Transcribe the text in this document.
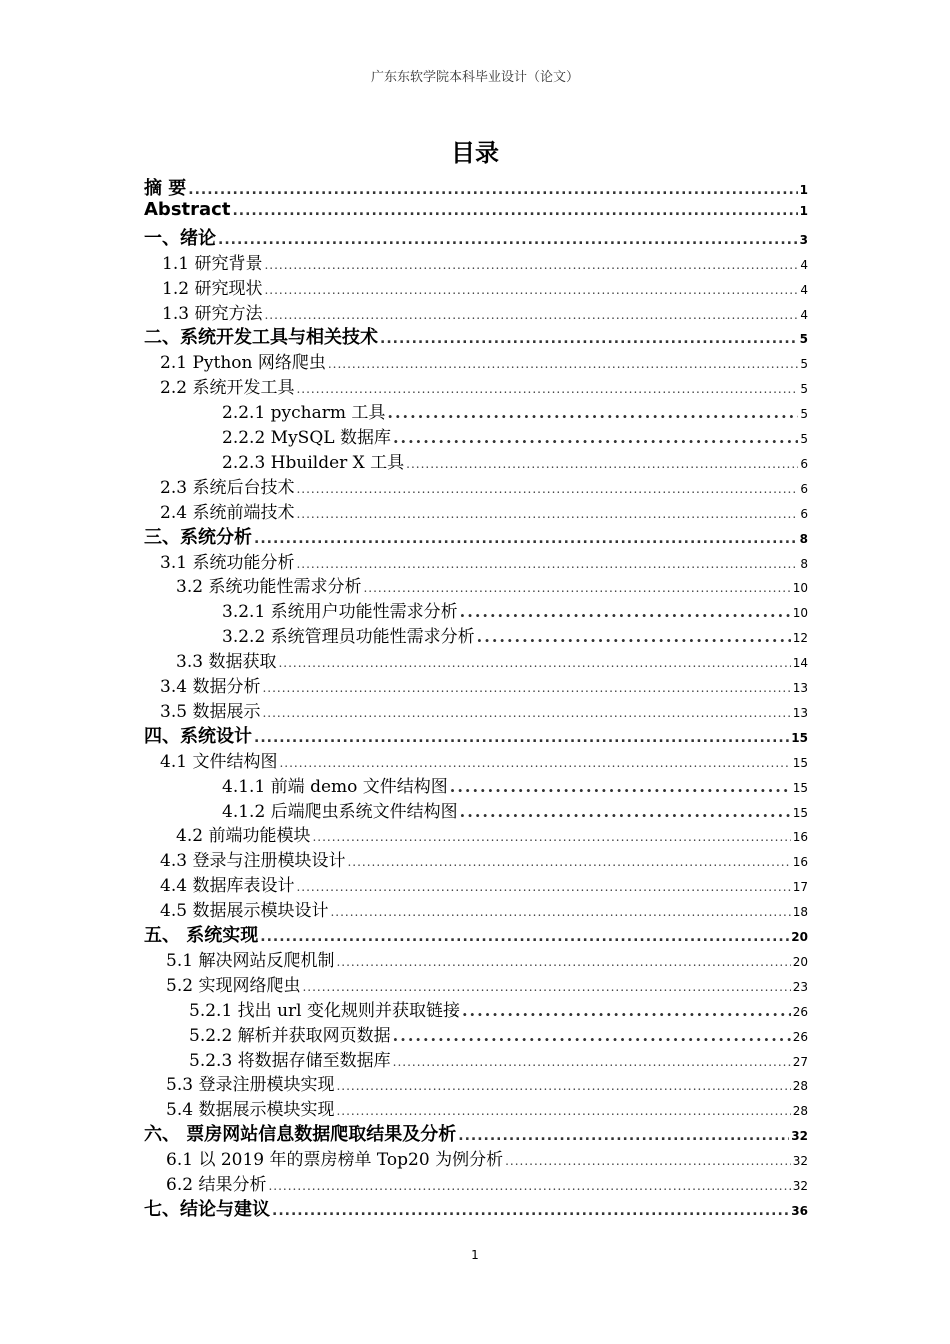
广东东软学院本科毕业设计（论文）
目录
摘 要 .....	1
Abstract .....	1
一、绪论 .....	3
1.1 研究背景 .....	4
1.2 研究现状 .....	4
1.3 研究方法 .....	4
二、系统开发工具与相关技术 .....	5
2.1 Python 网络爬虫 .....	5
2.2 系统开发工具 .....	5
2.2.1 pycharm 工具 .....	5
2.2.2 MySQL 数据库 .....	5
2.2.3 Hbuilder X 工具 .....	6
2.3 系统后台技术 .....	6
2.4 系统前端技术 .....	6
三、系统分析 .....	8
3.1 系统功能分析 .....	8
3.2 系统功能性需求分析 .....	10
3.2.1 系统用户功能性需求分析 .....	10
3.2.2 系统管理员功能性需求分析 .....	12
3.3 数据获取 .....	14
3.4 数据分析 .....	13
3.5 数据展示 .....	13
四、系统设计 .....	15
4.1 文件结构图 .....	15
4.1.1 前端 demo 文件结构图 .....	15
4.1.2 后端爬虫系统文件结构图 .....	15
4.2 前端功能模块 .....	16
4.3 登录与注册模块设计 .....	16
4.4 数据库表设计 .....	17
4.5 数据展示模块设计 .....	18
五、 系统实现 .....	20
5.1 解决网站反爬机制 .....	20
5.2 实现网络爬虫 .....	23
5.2.1 找出 url 变化规则并获取链接 .....	26
5.2.2 解析并获取网页数据 .....	26
5.2.3 将数据存储至数据库 .....	27
5.3 登录注册模块实现 .....	28
5.4 数据展示模块实现 .....	28
六、 票房网站信息数据爬取结果及分析 .....	32
6.1 以 2019 年的票房榜单 Top20 为例分析 .....	32
6.2 结果分析 .....	32
七、结论与建议 .....	36
1
